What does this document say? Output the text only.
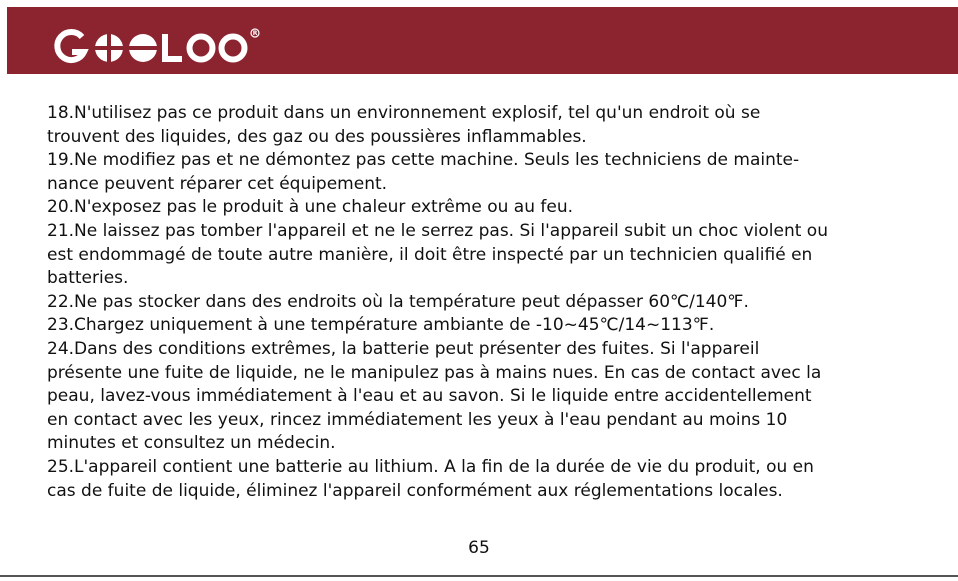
R

18.N'utilisez pas ce produit dans un environnement explosif, tel qu'un endroit où se
trouvent des liquides, des gaz ou des poussières inflammables.

19.Ne modifiez pas et ne démontez pas cette machine. Seuls les techniciens de mainte-
nance peuvent réparer cet équipement.

20.N'exposez pas le produit à une chaleur extrême ou au feu.

21.Ne laissez pas tomber l'appareil et ne le serrez pas. Si l'appareil subit un choc violent ou
est endommagé de toute autre manière, il doit être inspecté par un technicien qualifié en
batteries.

22.Ne pas stocker dans des endroits où la température peut dépasser 60℃/140℉.

23.Chargez uniquement à une température ambiante de -10~45℃/14~113℉.

24.Dans des conditions extrêmes, la batterie peut présenter des fuites. Si l'appareil
présente une fuite de liquide, ne le manipulez pas à mains nues. En cas de contact avec la
peau, lavez-vous immédiatement à l'eau et au savon. Si le liquide entre accidentellement
en contact avec les yeux, rincez immédiatement les yeux à l'eau pendant au moins 10
minutes et consultez un médecin.

25.L'appareil contient une batterie au lithium. A la fin de la durée de vie du produit, ou en
cas de fuite de liquide, éliminez l'appareil conformément aux réglementations locales.

65
